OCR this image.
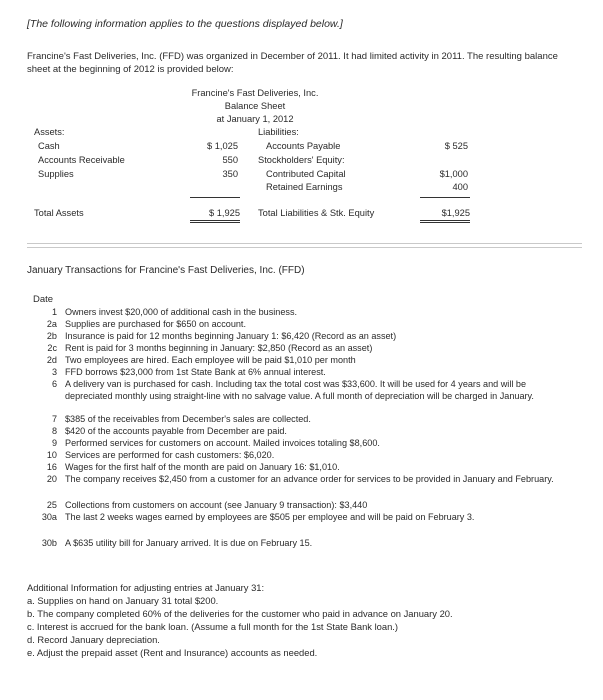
[The following information applies to the questions displayed below.]
Francine's Fast Deliveries, Inc. (FFD) was organized in December of 2011. It had limited activity in 2011. The resulting balance sheet at the beginning of 2012 is provided below:
Francine's Fast Deliveries, Inc.
Balance Sheet
at January 1, 2012
Assets:	Liabilities:
Cash	$ 1,025
Accounts Receivable	550
Supplies	350
Accounts Payable	$ 525
Stockholders' Equity:
Contributed Capital	$1,000
Retained Earnings	400
Total Assets	$ 1,925 Total Liabilities & Stk. Equity	$1,925
January Transactions for Francine's Fast Deliveries, Inc. (FFD)
Date
1 Owners invest $20,000 of additional cash in the business.
2a Supplies are purchased for $650 on account.
2b Insurance is paid for 12 months beginning January 1: $6,420 (Record as an asset)
2c Rent is paid for 3 months beginning in January: $2,850 (Record as an asset)
2d Two employees are hired. Each employee will be paid $1,010 per month
3 FFD borrows $23,000 from 1st State Bank at 6% annual interest.
6 A delivery van is purchased for cash. Including tax the total cost was $33,600. It will be used for 4 years and will be depreciated monthly using straight-line with no salvage value. A full month of depreciation will be charged in January.
7 $385 of the receivables from December's sales are collected.
8 $420 of the accounts payable from December are paid.
9 Performed services for customers on account. Mailed invoices totaling $8,600.
10 Services are performed for cash customers: $6,020.
16 Wages for the first half of the month are paid on January 16: $1,010.
20 The company receives $2,450 from a customer for an advance order for services to be provided in January and February.
25 Collections from customers on account (see January 9 transaction): $3,440
30a The last 2 weeks wages earned by employees are $505 per employee and will be paid on February 3.
30b A $635 utility bill for January arrived. It is due on February 15.
Additional Information for adjusting entries at January 31:
a. Supplies on hand on January 31 total $200.
b. The company completed 60% of the deliveries for the customer who paid in advance on January 20.
c. Interest is accrued for the bank loan. (Assume a full month for the 1st State Bank loan.)
d. Record January depreciation.
e. Adjust the prepaid asset (Rent and Insurance) accounts as needed.
